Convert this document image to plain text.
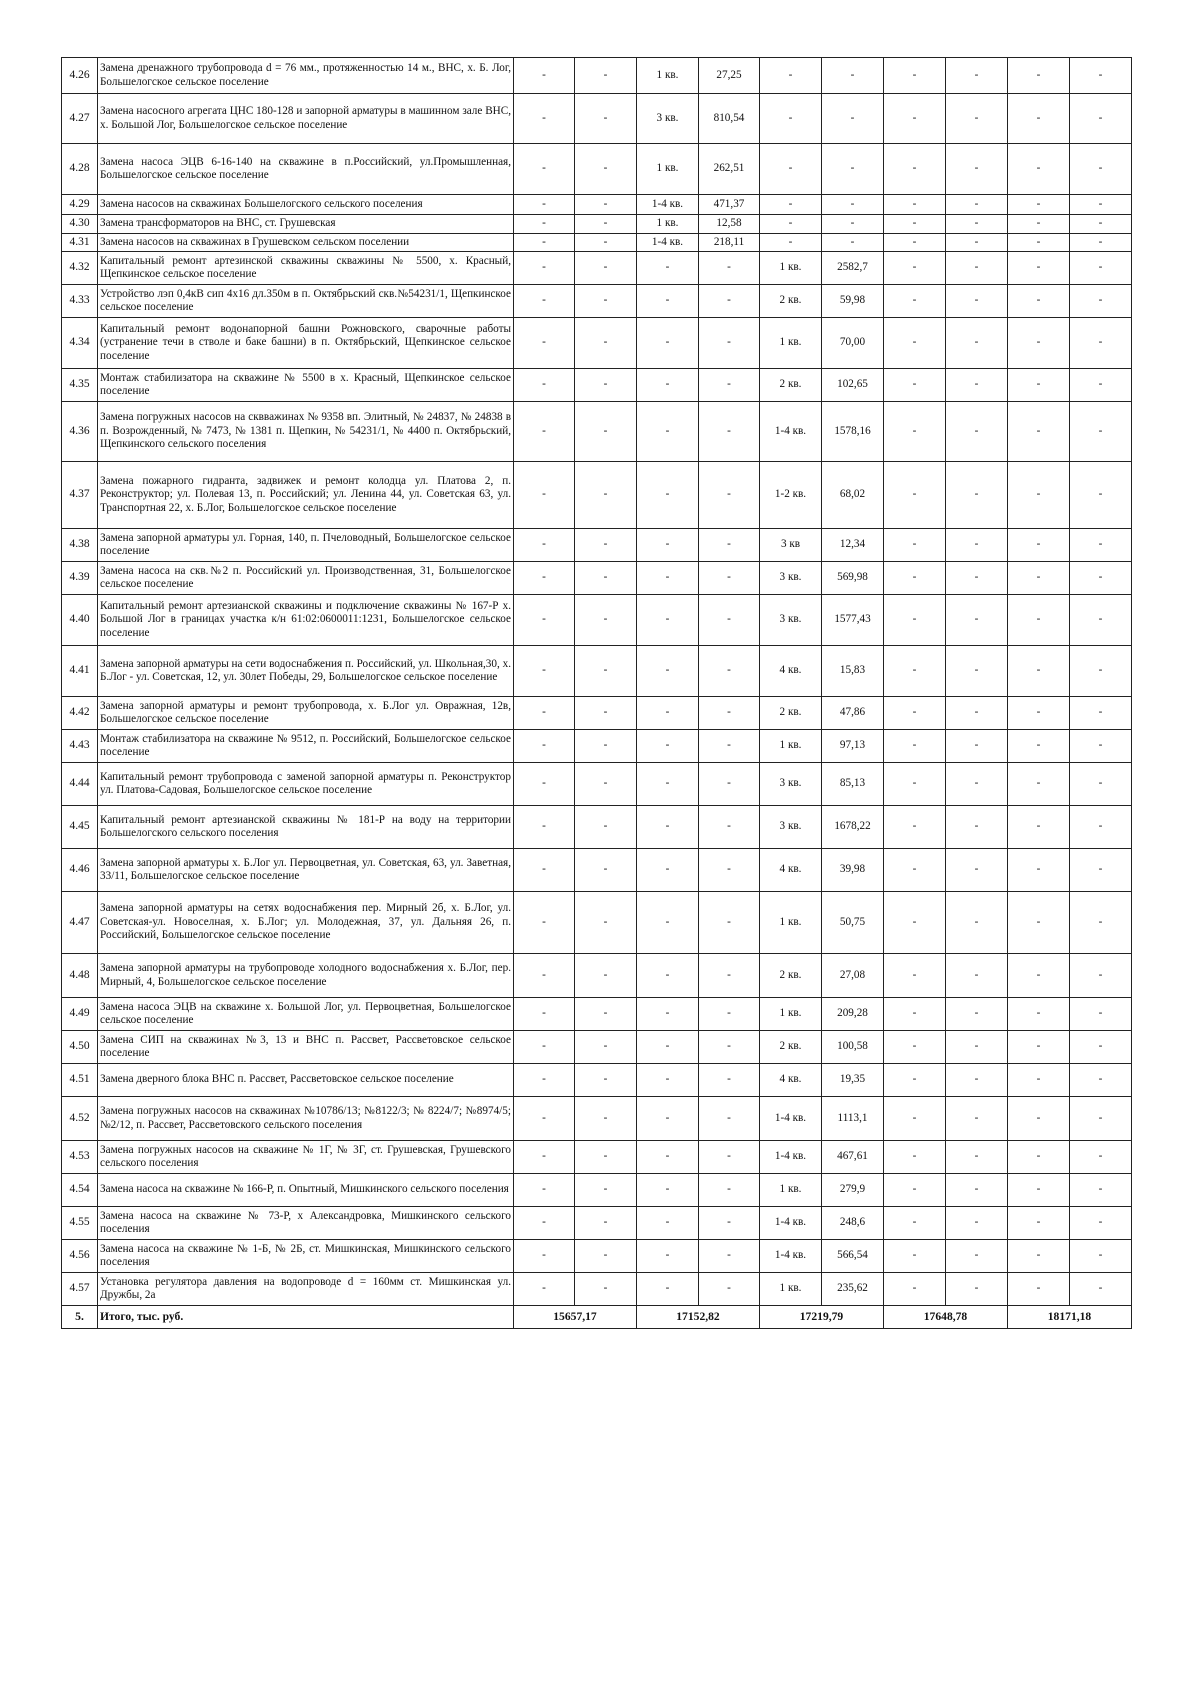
4.26	Замена дренажного трубопровода d = 76 мм., протяженностью 14 м., ВНС, х. Б. Лог, Большелогское сельское поселение	-	-	1 кв.	27,25	-	-	-	-	-	-
4.27	Замена насосного агрегата ЦНС 180-128 и запорной арматуры в машинном зале ВНС, х. Большой Лог, Большелогское сельское поселение	-	-	3 кв.	810,54	-	-	-	-	-	-
4.28	Замена насоса ЭЦВ 6-16-140 на скважине в п.Российский, ул.Промышленная, Большелогское сельское поселение	-	-	1 кв.	262,51	-	-	-	-	-	-
4.29	Замена насосов на скважинах Большелогского сельского поселения	-	-	1-4 кв.	471,37	-	-	-	-	-	-
4.30	Замена трансформаторов на ВНС, ст. Грушевская	-	-	1 кв.	12,58	-	-	-	-	-	-
4.31	Замена насосов на скважинах в Грушевском сельском поселении	-	-	1-4 кв.	218,11	-	-	-	-	-	-
4.32	Капитальный ремонт артезинской скважины скважины № 5500, х. Красный, Щепкинское сельское поселение	-	-	-	-	1 кв.	2582,7	-	-	-	-
4.33	Устройство лэп 0,4кВ сип 4х16 дл.350м в п. Октябрьский скв.№54231/1, Щепкинское сельское поселение	-	-	-	-	2 кв.	59,98	-	-	-	-
4.34	Капитальный ремонт водонапорной башни Рожновского, сварочные работы (устранение течи в стволе и баке башни) в п. Октябрьский, Щепкинское сельское поселение	-	-	-	-	1 кв.	70,00	-	-	-	-
4.35	Монтаж стабилизатора на скважине № 5500 в х. Красный, Щепкинское сельское поселение	-	-	-	-	2 кв.	102,65	-	-	-	-
4.36	Замена погружных насосов на сквважинах № 9358 вп. Элитный, № 24837, № 24838 в п. Возрожденный, № 7473, № 1381 п. Щепкин, № 54231/1, № 4400 п. Октябрьский, Щепкинского сельского поселения	-	-	-	-	1-4 кв.	1578,16	-	-	-	-
4.37	Замена пожарного гидранта, задвижек и ремонт колодца ул. Платова 2, п. Реконструктор; ул. Полевая 13, п. Российский; ул. Ленина 44, ул. Советская 63, ул. Транспортная 22, х. Б.Лог, Большелогское сельское поселение	-	-	-	-	1-2 кв.	68,02	-	-	-	-
4.38	Замена запорной арматуры ул. Горная, 140, п. Пчеловодный, Большелогское сельское поселение	-	-	-	-	3 кв	12,34	-	-	-	-
4.39	Замена насоса на скв.№2 п. Российский ул. Производственная, 31, Большелогское сельское поселение	-	-	-	-	3 кв.	569,98	-	-	-	-
4.40	Капитальный ремонт артезианской скважины и подключение скважины № 167-Р х. Большой Лог в границах участка к/н 61:02:0600011:1231, Большелогское сельское поселение	-	-	-	-	3 кв.	1577,43	-	-	-	-
4.41	Замена запорной арматуры на сети водоснабжения п. Российский, ул. Школьная,30, х. Б.Лог - ул. Советская, 12, ул. 30лет Победы, 29, Большелогское сельское поселение	-	-	-	-	4 кв.	15,83	-	-	-	-
4.42	Замена запорной арматуры и ремонт трубопровода, х. Б.Лог ул. Овражная, 12в, Большелогское сельское поселение	-	-	-	-	2 кв.	47,86	-	-	-	-
4.43	Монтаж стабилизатора на скважине № 9512, п. Российский, Большелогское сельское поселение	-	-	-	-	1 кв.	97,13	-	-	-	-
4.44	Капитальный ремонт трубопровода с заменой запорной арматуры п. Реконструктор ул. Платова-Садовая, Большелогское сельское поселение	-	-	-	-	3 кв.	85,13	-	-	-	-
4.45	Капитальный ремонт артезианской скважины № 181-Р на воду на территории Большелогского сельского поселения	-	-	-	-	3 кв.	1678,22	-	-	-	-
4.46	Замена запорной арматуры х. Б.Лог ул. Первоцветная, ул. Советская, 63, ул. Заветная, 33/11, Большелогское сельское поселение	-	-	-	-	4 кв.	39,98	-	-	-	-
4.47	Замена запорной арматуры на сетях водоснабжения пер. Мирный 2б, х. Б.Лог, ул. Советская-ул. Новоселная, х. Б.Лог; ул. Молодежная, 37, ул. Дальняя 26, п. Российский, Большелогское сельское поселение	-	-	-	-	1 кв.	50,75	-	-	-	-
4.48	Замена запорной арматуры на трубопроводе холодного водоснабжения х. Б.Лог, пер. Мирный, 4, Большелогское сельское поселение	-	-	-	-	2 кв.	27,08	-	-	-	-
4.49	Замена насоса ЭЦВ на скважине х. Большой Лог, ул. Первоцветная, Большелогское сельское поселение	-	-	-	-	1 кв.	209,28	-	-	-	-
4.50	Замена СИП на скважинах №3, 13 и ВНС п. Рассвет, Рассветовское сельское поселение	-	-	-	-	2 кв.	100,58	-	-	-	-
4.51	Замена дверного блока ВНС п. Рассвет, Рассветовское сельское поселение	-	-	-	-	4 кв.	19,35	-	-	-	-
4.52	Замена погружных насосов на скважинах №10786/13; №8122/3; № 8224/7; №8974/5; №2/12, п. Рассвет, Рассветовского сельского поселения	-	-	-	-	1-4 кв.	1113,1	-	-	-	-
4.53	Замена погружных насосов на скважине № 1Г, № 3Г, ст. Грушевская, Грушевского сельского поселения	-	-	-	-	1-4 кв.	467,61	-	-	-	-
4.54	Замена насоса на скважине № 166-Р, п. Опытный, Мишкинского сельского поселения	-	-	-	-	1 кв.	279,9	-	-	-	-
4.55	Замена насоса на скважине № 73-Р, х Александровка, Мишкинского сельского поселения	-	-	-	-	1-4 кв.	248,6	-	-	-	-
4.56	Замена насоса на скважине № 1-Б, № 2Б, ст. Мишкинская, Мишкинского сельского поселения	-	-	-	-	1-4 кв.	566,54	-	-	-	-
4.57	Установка регулятора давления на водопроводе d = 160мм ст. Мишкинская ул. Дружбы, 2а	-	-	-	-	1 кв.	235,62	-	-	-	-
5.	Итого, тыс. руб.	15657,17		17152,82		17219,79		17648,78		18171,18	
